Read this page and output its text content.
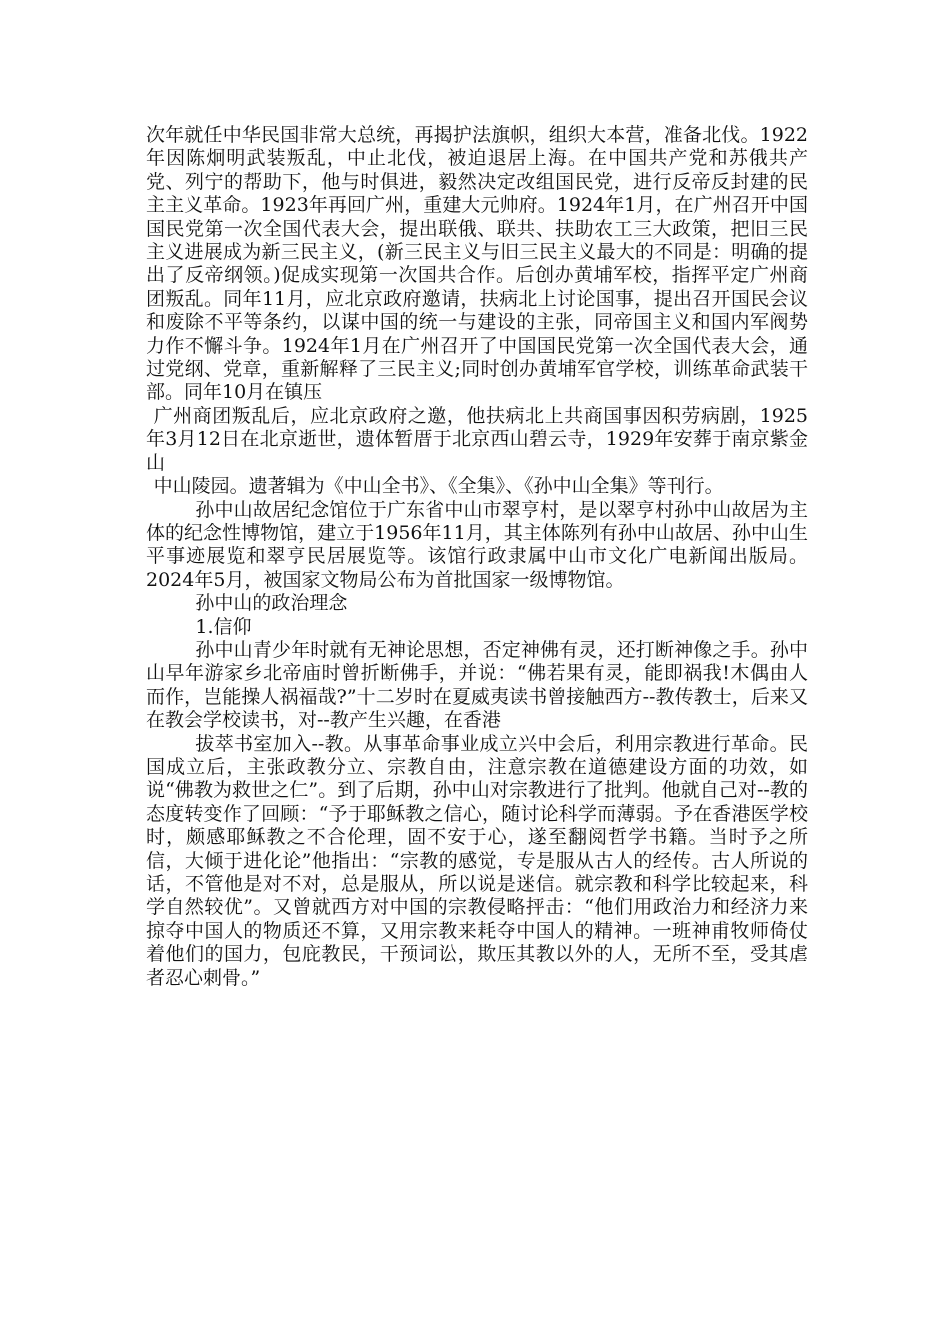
次年就任中华民国非常大总统，再揭护法旗帜，组织大本营，准备北伐。1922年因陈炯明武装叛乱，中止北伐，被迫退居上海。在中国共产党和苏俄共产党、列宁的帮助下，他与时俱进，毅然决定改组国民党，进行反帝反封建的民主主义革命。1923年再回广州，重建大元帅府。1924年1月，在广州召开中国国民党第一次全国代表大会，提出联俄、联共、扶助农工三大政策，把旧三民主义进展成为新三民主义，(新三民主义与旧三民主义最大的不同是：明确的提出了反帝纲领。)促成实现第一次国共合作。后创办黄埔军校，指挥平定广州商团叛乱。同年11月，应北京政府邀请，扶病北上讨论国事，提出召开国民会议和废除不平等条约，以谋中国的统一与建设的主张，同帝国主义和国内军阀势力作不懈斗争。1924年1月在广州召开了中国国民党第一次全国代表大会，通过党纲、党章，重新解释了三民主义;同时创办黄埔军官学校，训练革命武装干部。同年10月在镇压

广州商团叛乱后，应北京政府之邀，他扶病北上共商国事因积劳病剧，1925年3月12日在北京逝世，遗体暂厝于北京西山碧云寺，1929年安葬于南京紫金山

中山陵园。遗著辑为《中山全书》、《全集》、《孙中山全集》等刊行。

孙中山故居纪念馆位于广东省中山市翠亨村，是以翠亨村孙中山故居为主体的纪念性博物馆，建立于1956年11月，其主体陈列有孙中山故居、孙中山生平事迹展览和翠亨民居展览等。该馆行政隶属中山市文化广电新闻出版局。2024年5月，被国家文物局公布为首批国家一级博物馆。

孙中山的政治理念

1.信仰

孙中山青少年时就有无神论思想，否定神佛有灵，还打断神像之手。孙中山早年游家乡北帝庙时曾折断佛手，并说：“佛若果有灵，能即祸我!木偶由人而作，岂能操人祸福哉?”十二岁时在夏威夷读书曾接触西方--教传教士，后来又在教会学校读书，对--教产生兴趣，在香港

拔萃书室加入--教。从事革命事业成立兴中会后，利用宗教进行革命。民国成立后，主张政教分立、宗教自由，注意宗教在道德建设方面的功效，如说“佛教为救世之仁”。到了后期，孙中山对宗教进行了批判。他就自己对--教的态度转变作了回顾：“予于耶稣教之信心，随讨论科学而薄弱。予在香港医学校时，颇感耶稣教之不合伦理，固不安于心，遂至翻阅哲学书籍。当时予之所信，大倾于进化论”他指出：“宗教的感觉，专是服从古人的经传。古人所说的话，不管他是对不对，总是服从，所以说是迷信。就宗教和科学比较起来，科学自然较优”。又曾就西方对中国的宗教侵略抨击：“他们用政治力和经济力来掠夺中国人的物质还不算，又用宗教来耗夺中国人的精神。一班神甫牧师倚仗着他们的国力，包庇教民，干预词讼，欺压其教以外的人，无所不至，受其虐者忍心刺骨。”
